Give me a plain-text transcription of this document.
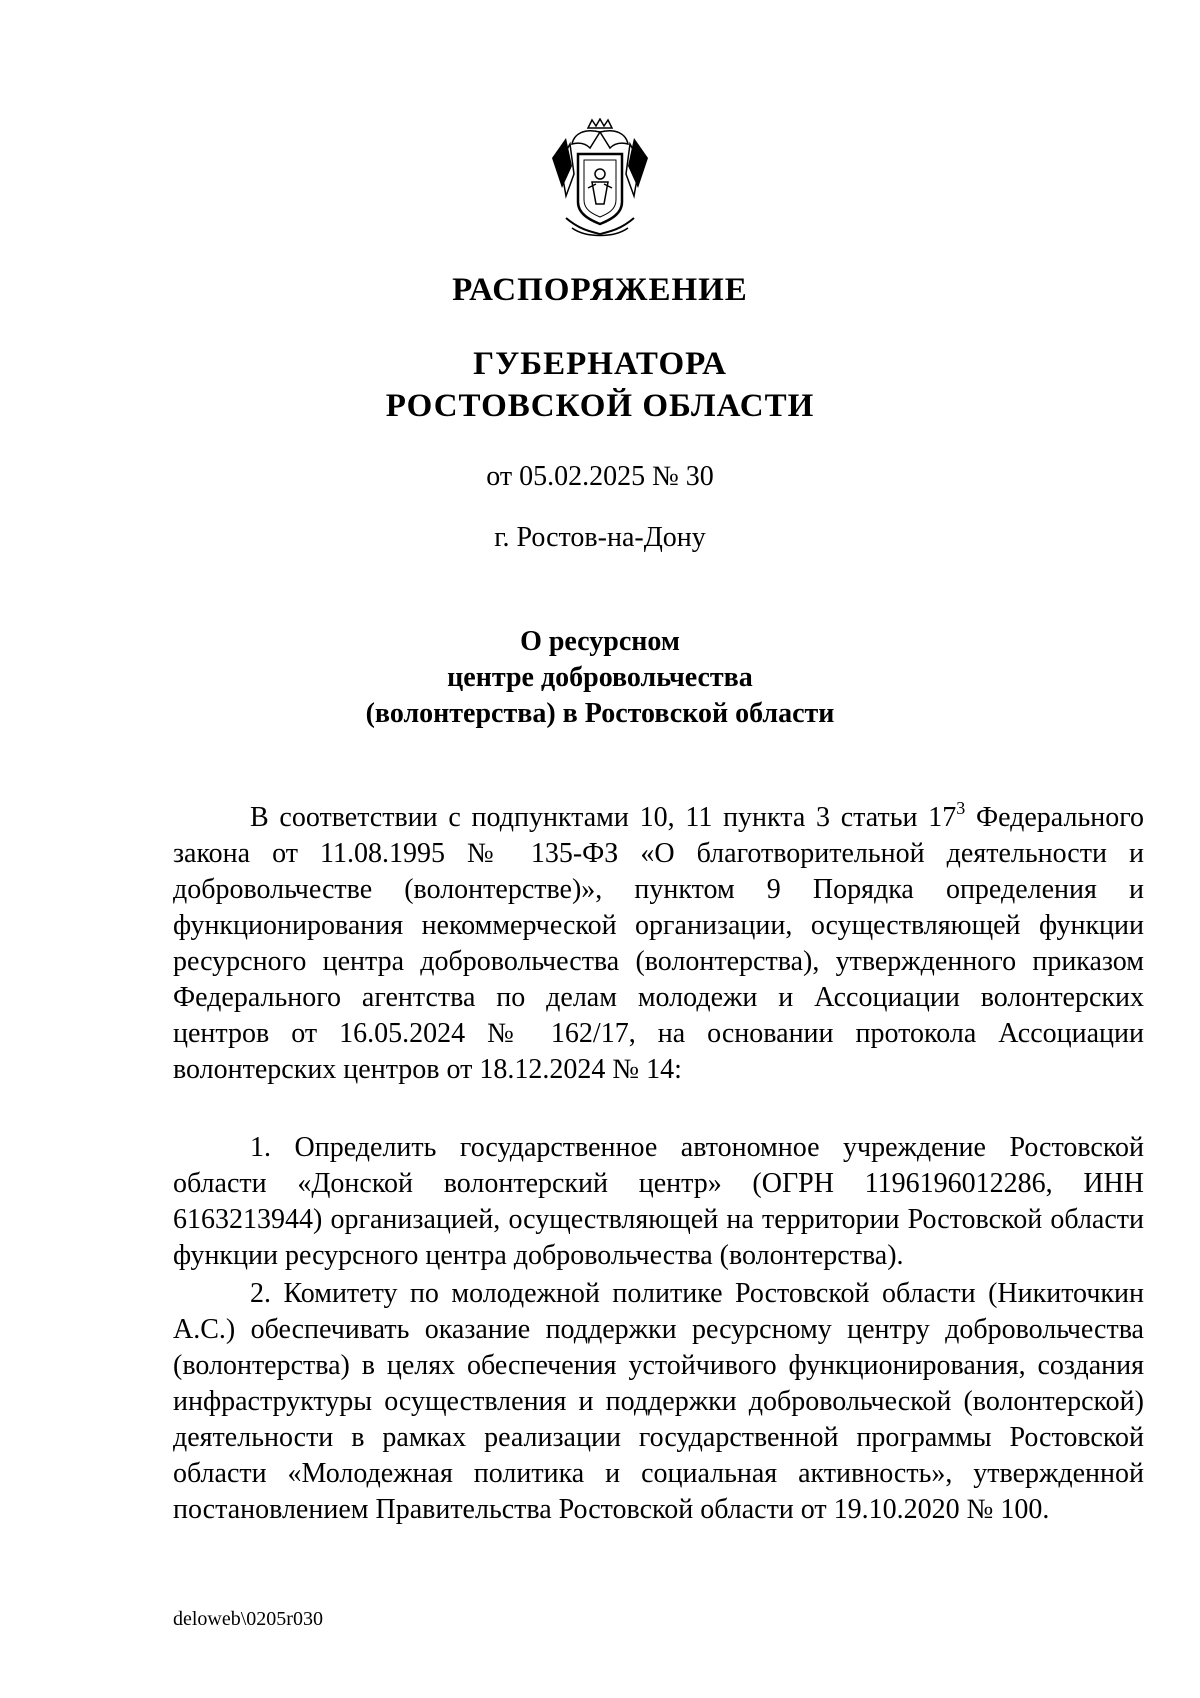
РАСПОРЯЖЕНИЕ
ГУБЕРНАТОРА
РОСТОВСКОЙ ОБЛАСТИ
от 05.02.2025 № 30
г. Ростов-на-Дону
О ресурсном
центре добровольчества
(волонтерства) в Ростовской области
В соответствии с подпунктами 10, 11 пункта 3 статьи $17^3$ Федерального закона от 11.08.1995 № 135-ФЗ «О благотворительной деятельности и добровольчестве (волонтерстве)», пунктом 9 Порядка определения и функционирования некоммерческой организации, осуществляющей функции ресурсного центра добровольчества (волонтерства), утвержденного приказом Федерального агентства по делам молодежи и Ассоциации волонтерских центров от 16.05.2024 № 162/17, на основании протокола Ассоциации волонтерских центров от 18.12.2024 № 14:
1. Определить государственное автономное учреждение Ростовской области «Донской волонтерский центр» (ОГРН 1196196012286, ИНН 6163213944) организацией, осуществляющей на территории Ростовской области функции ресурсного центра добровольчества (волонтерства).
2. Комитету по молодежной политике Ростовской области (Никиточкин А.С.) обеспечивать оказание поддержки ресурсному центру добровольчества (волонтерства) в целях обеспечения устойчивого функционирования, создания инфраструктуры осуществления и поддержки добровольческой (волонтерской) деятельности в рамках реализации государственной программы Ростовской области «Молодежная политика и социальная активность», утвержденной постановлением Правительства Ростовской области от 19.10.2020 № 100.
deloweb\0205r030
